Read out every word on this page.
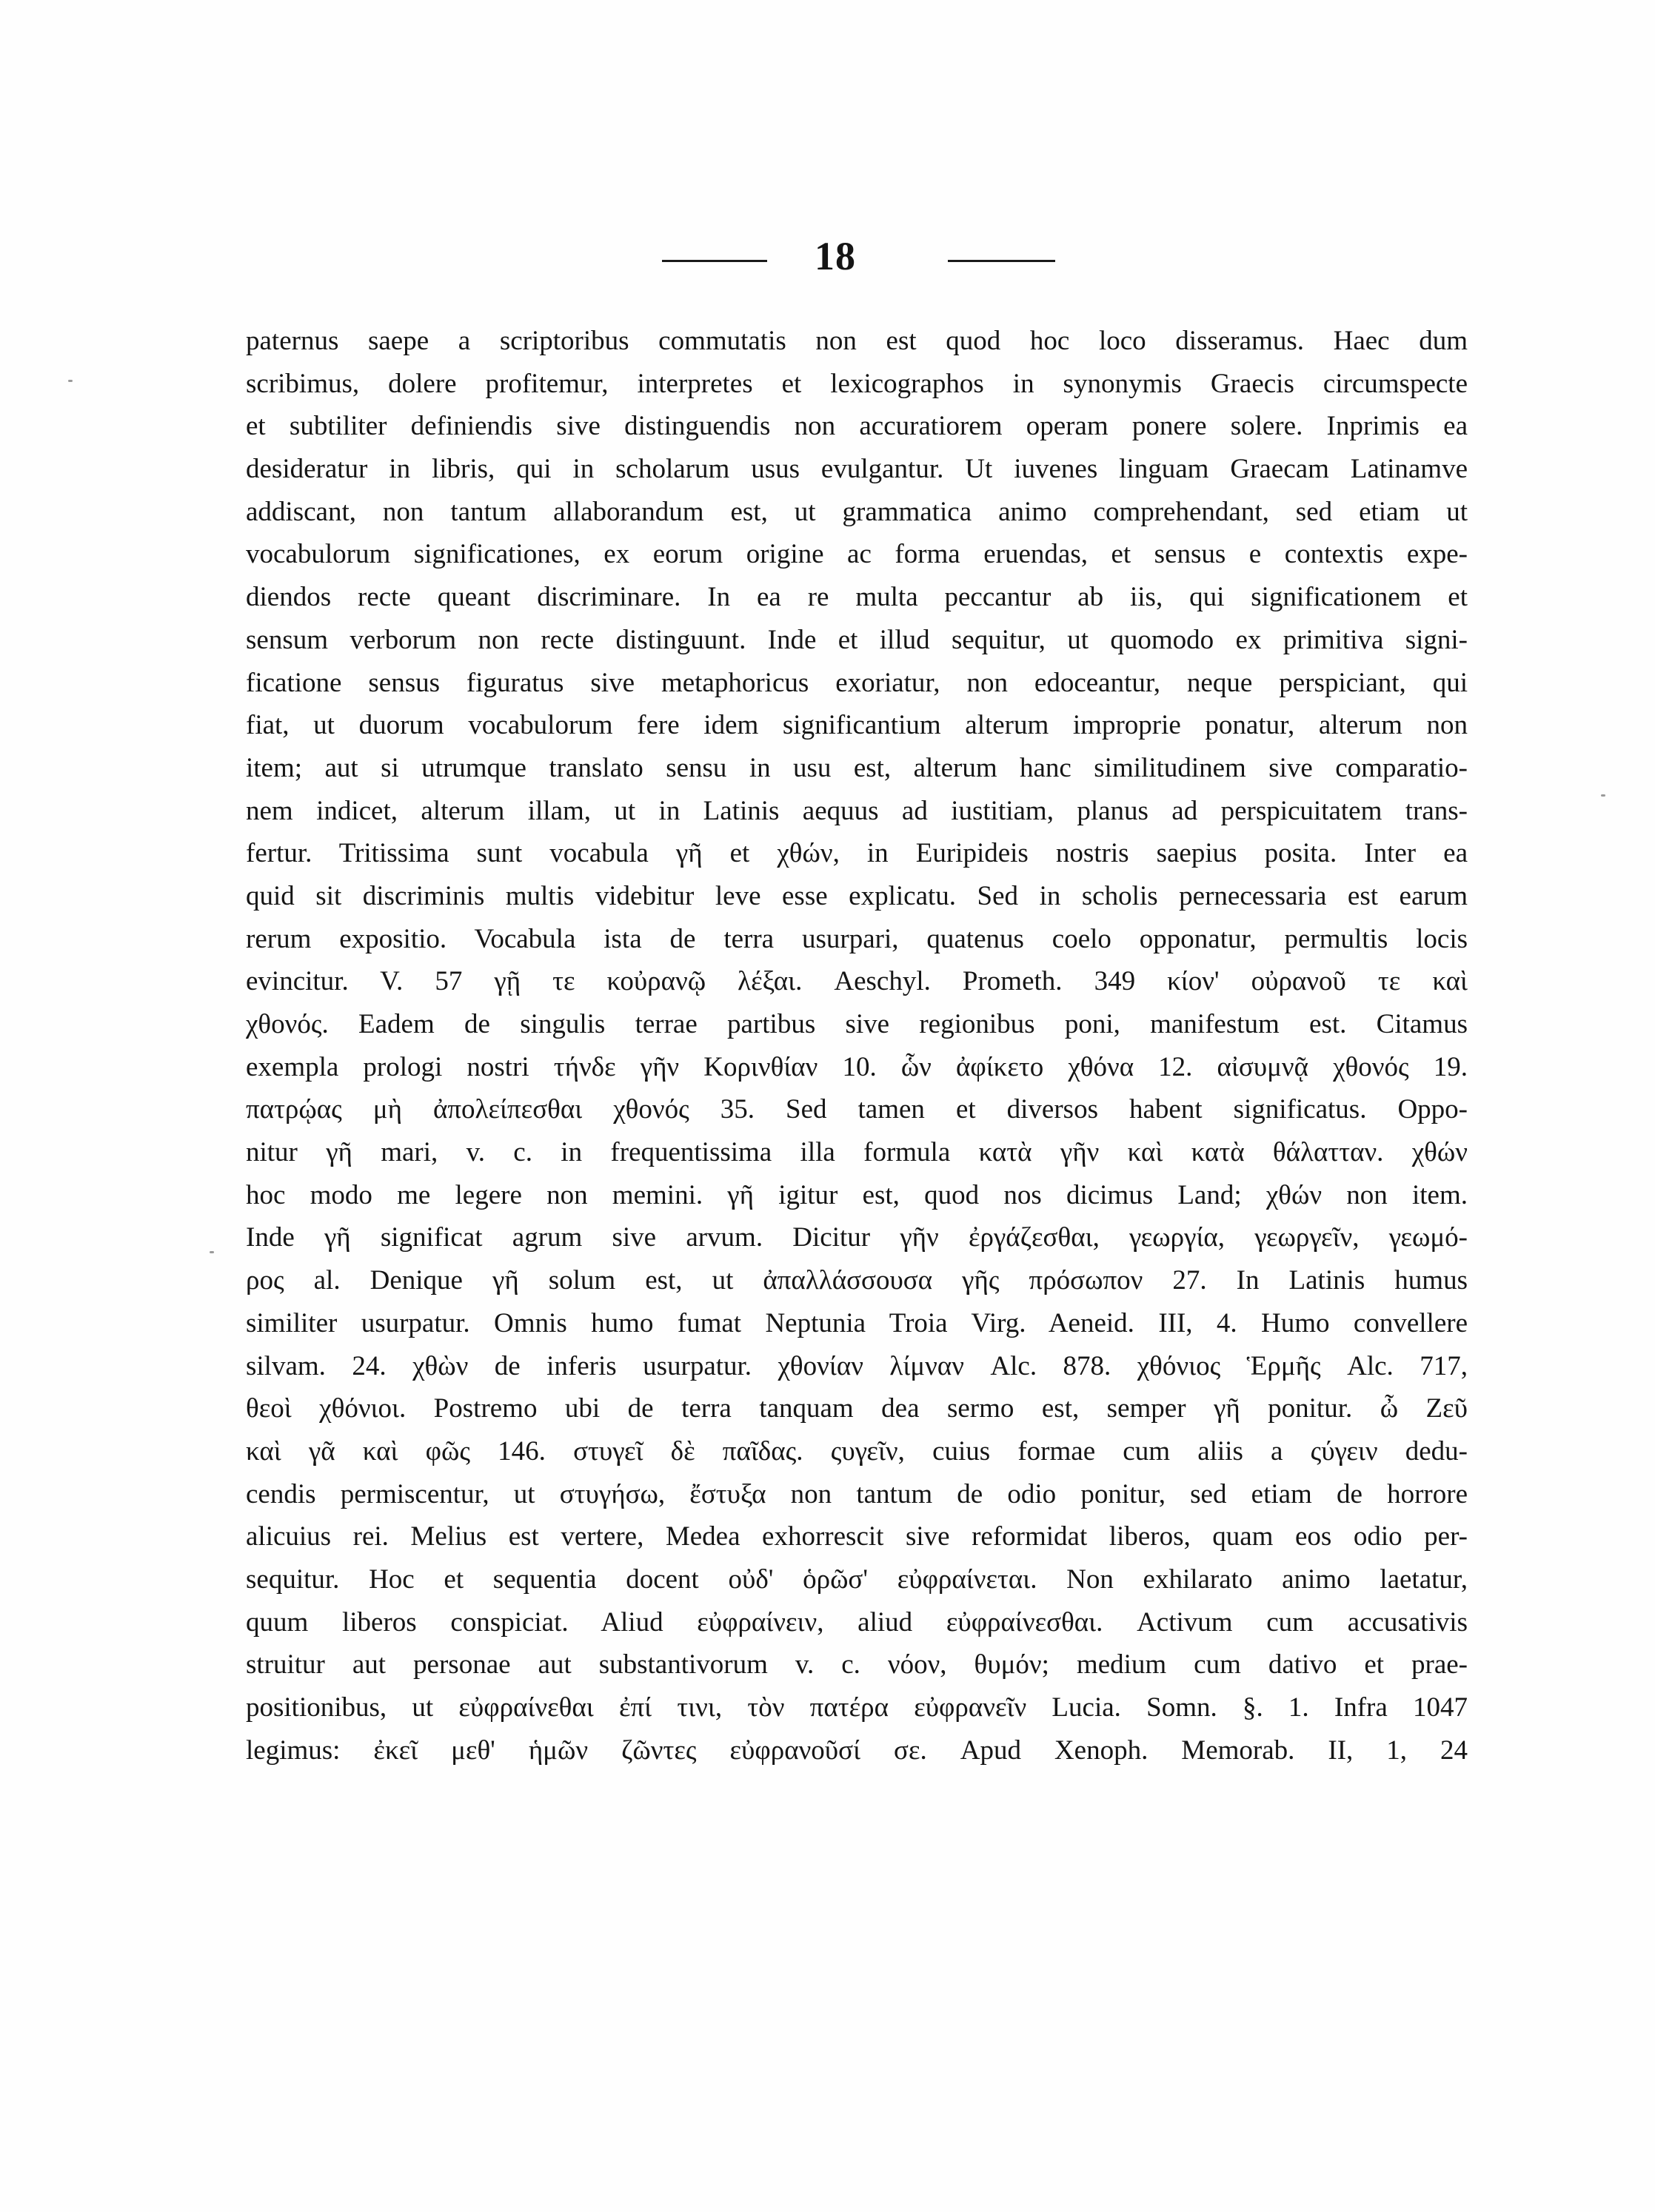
18
paternus saepe a scriptoribus commutatis non est quod hoc loco disseramus. Haec dum
scribimus, dolere profitemur, interpretes et lexicographos in synonymis Graecis circumspecte
et subtiliter definiendis sive distinguendis non accuratiorem operam ponere solere. Inprimis ea
desideratur in libris, qui in scholarum usus evulgantur. Ut iuvenes linguam Graecam Latinamve
addiscant, non tantum allaborandum est, ut grammatica animo comprehendant, sed etiam ut
vocabulorum significationes, ex eorum origine ac forma eruendas, et sensus e contextis expe-
diendos recte queant discriminare. In ea re multa peccantur ab iis, qui significationem et
sensum verborum non recte distinguunt. Inde et illud sequitur, ut quomodo ex primitiva signi-
ficatione sensus figuratus sive metaphoricus exoriatur, non edoceantur, neque perspiciant, qui
fiat, ut duorum vocabulorum fere idem significantium alterum improprie ponatur, alterum non
item; aut si utrumque translato sensu in usu est, alterum hanc similitudinem sive comparatio-
nem indicet, alterum illam, ut in Latinis aequus ad iustitiam, planus ad perspicuitatem trans-
fertur. Tritissima sunt vocabula γῆ et χθών, in Euripideis nostris saepius posita. Inter ea
quid sit discriminis multis videbitur leve esse explicatu. Sed in scholis pernecessaria est earum
rerum expositio. Vocabula ista de terra usurpari, quatenus coelo opponatur, permultis locis
evincitur. V. 57 γῇ τε κοὐρανῷ λέξαι. Aeschyl. Prometh. 349 κίον' οὐρανοῦ τε καὶ
χθονός. Eadem de singulis terrae partibus sive regionibus poni, manifestum est. Citamus
exempla prologi nostri τήνδε γῆν Κορινθίαν 10. ὧν ἀφίκετο χθόνα 12. αἰσυμνᾷ χθονός 19.
πατρῴας μὴ ἀπολείπεσθαι χθονός 35. Sed tamen et diversos habent significatus. Oppo-
nitur γῆ mari, v. c. in frequentissima illa formula κατὰ γῆν καὶ κατὰ θάλατταν. χθών
hoc modo me legere non memini. γῆ igitur est, quod nos dicimus Land; χθών non item.
Inde γῆ significat agrum sive arvum. Dicitur γῆν ἐργάζεσθαι, γεωργία, γεωργεῖν, γεωμό-
ρος al. Denique γῆ solum est, ut ἀπαλλάσσουσα γῆς πρόσωπον 27. In Latinis humus
similiter usurpatur. Omnis humo fumat Neptunia Troia Virg. Aeneid. III, 4. Humo convellere
silvam. 24. χθὼν de inferis usurpatur. χθονίαν λίμναν Alc. 878. χθόνιος Ἑρμῆς Alc. 717,
θεοὶ χθόνιοι. Postremo ubi de terra tanquam dea sermo est, semper γῆ ponitur. ὦ Ζεῦ
καὶ γᾶ καὶ φῶς 146. στυγεῖ δὲ παῖδας. ςυγεῖν, cuius formae cum aliis a ςύγειν dedu-
cendis permiscentur, ut στυγήσω, ἔστυξα non tantum de odio ponitur, sed etiam de horrore
alicuius rei. Melius est vertere, Medea exhorrescit sive reformidat liberos, quam eos odio per-
sequitur. Hoc et sequentia docent οὐδ' ὁρῶσ' εὐφραίνεται. Non exhilarato animo laetatur,
quum liberos conspiciat. Aliud εὐφραίνειν, aliud εὐφραίνεσθαι. Activum cum accusativis
struitur aut personae aut substantivorum v. c. νόον, θυμόν; medium cum dativo et prae-
positionibus, ut εὐφραίνεθαι ἐπί τινι, τὸν πατέρα εὐφρανεῖν Lucia. Somn. §. 1. Infra 1047
legimus: ἐκεῖ μεθ' ἡμῶν ζῶντες εὐφρανοῦσί σε. Apud Xenoph. Memorab. II, 1, 24
